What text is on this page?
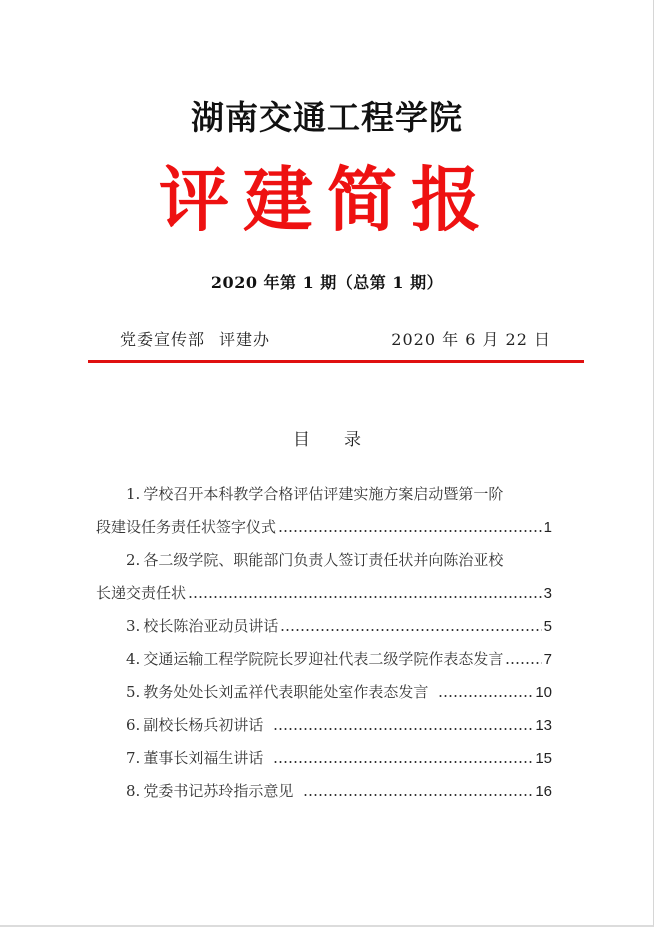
湖南交通工程学院
评建简报
2020 年第 1 期（总第 1 期）
党委宣传部 评建办	2020 年 6 月 22 日
目 录
1. 学校召开本科教学合格评估评建实施方案启动暨第一阶
段建设任务责任状签字仪式	1
2. 各二级学院、职能部门负责人签订责任状并向陈治亚校
长递交责任状	3
3. 校长陈治亚动员讲话	5
4. 交通运输工程学院院长罗迎社代表二级学院作表态发言	7
5. 教务处处长刘孟祥代表职能处室作表态发言	10
6. 副校长杨兵初讲话	13
7. 董事长刘福生讲话	15
8. 党委书记苏玲指示意见	16
